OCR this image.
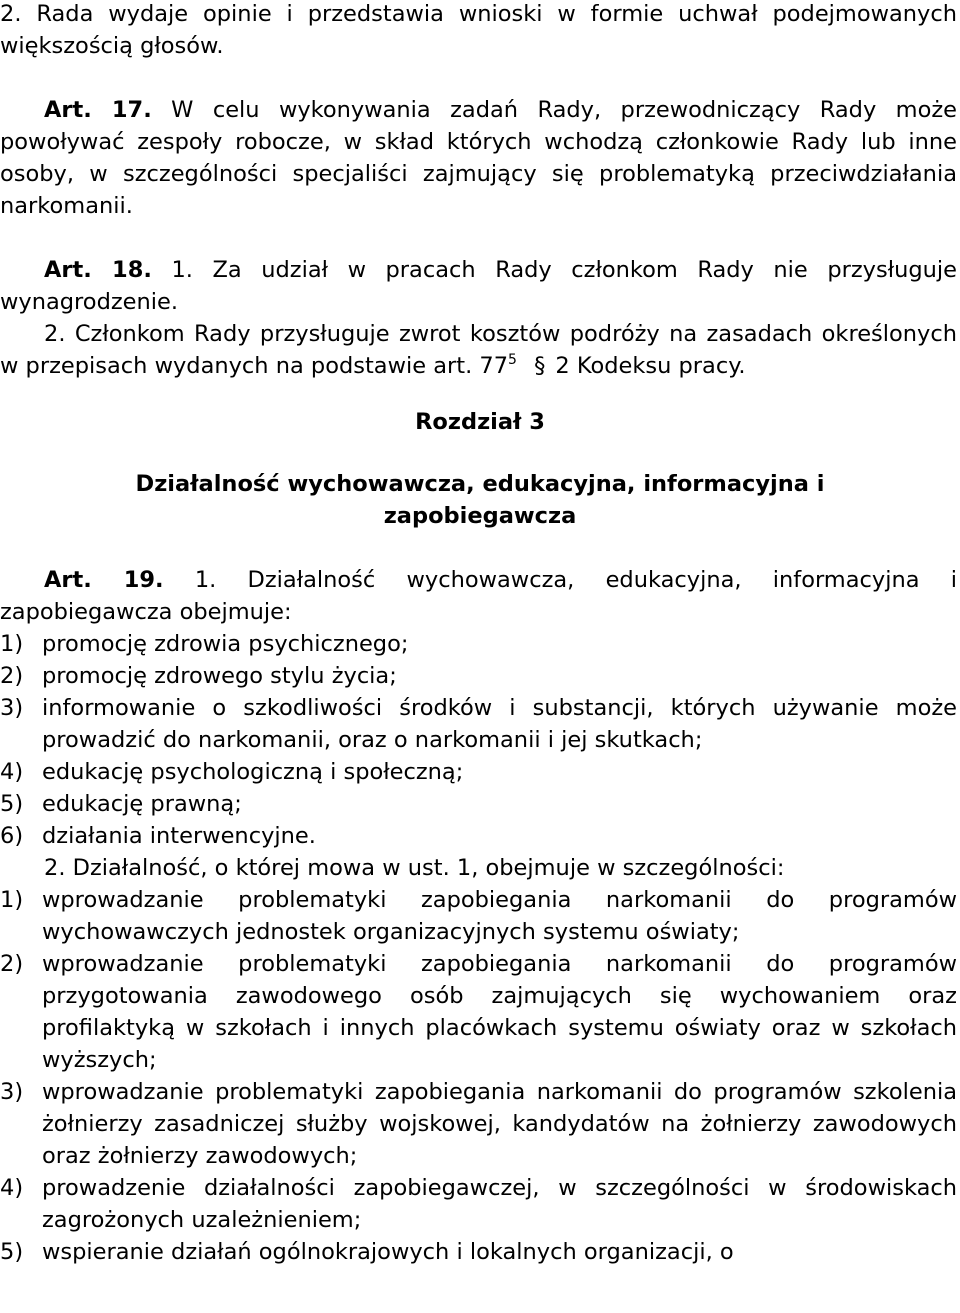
2. Rada wydaje opinie i przedstawia wnioski w formie uchwał podejmowanych większością głosów.

Art. 17. W celu wykonywania zadań Rady, przewodniczący Rady może powoływać zespoły robocze, w skład których wchodzą członkowie Rady lub inne osoby, w szczególności specjaliści zajmujący się problematyką przeciwdziałania narkomanii.

Art. 18. 1. Za udział w pracach Rady członkom Rady nie przysługuje wynagrodzenie.

2. Członkom Rady przysługuje zwrot kosztów podróży na zasadach określonych w przepisach wydanych na podstawie art. $77^5$ § 2 Kodeksu pracy.

Rozdział 3

Działalność wychowawcza, edukacyjna, informacyjna i zapobiegawcza

Art. 19. 1. Działalność wychowawcza, edukacyjna, informacyjna i zapobiegawcza obejmuje:

1) promocję zdrowia psychicznego;
2) promocję zdrowego stylu życia;
3) informowanie o szkodliwości środków i substancji, których używanie może prowadzić do narkomanii, oraz o narkomanii i jej skutkach;
4) edukację psychologiczną i społeczną;
5) edukację prawną;
6) działania interwencyjne.

2. Działalność, o której mowa w ust. 1, obejmuje w szczególności:

1) wprowadzanie problematyki zapobiegania narkomanii do programów wychowawczych jednostek organizacyjnych systemu oświaty;
2) wprowadzanie problematyki zapobiegania narkomanii do programów przygotowania zawodowego osób zajmujących się wychowaniem oraz profilaktyką w szkołach i innych placówkach systemu oświaty oraz w szkołach wyższych;
3) wprowadzanie problematyki zapobiegania narkomanii do programów szkolenia żołnierzy zasadniczej służby wojskowej, kandydatów na żołnierzy zawodowych oraz żołnierzy zawodowych;
4) prowadzenie działalności zapobiegawczej, w szczególności w środowiskach zagrożonych uzależnieniem;
5) wspieranie działań ogólnokrajowych i lokalnych organizacji, o
